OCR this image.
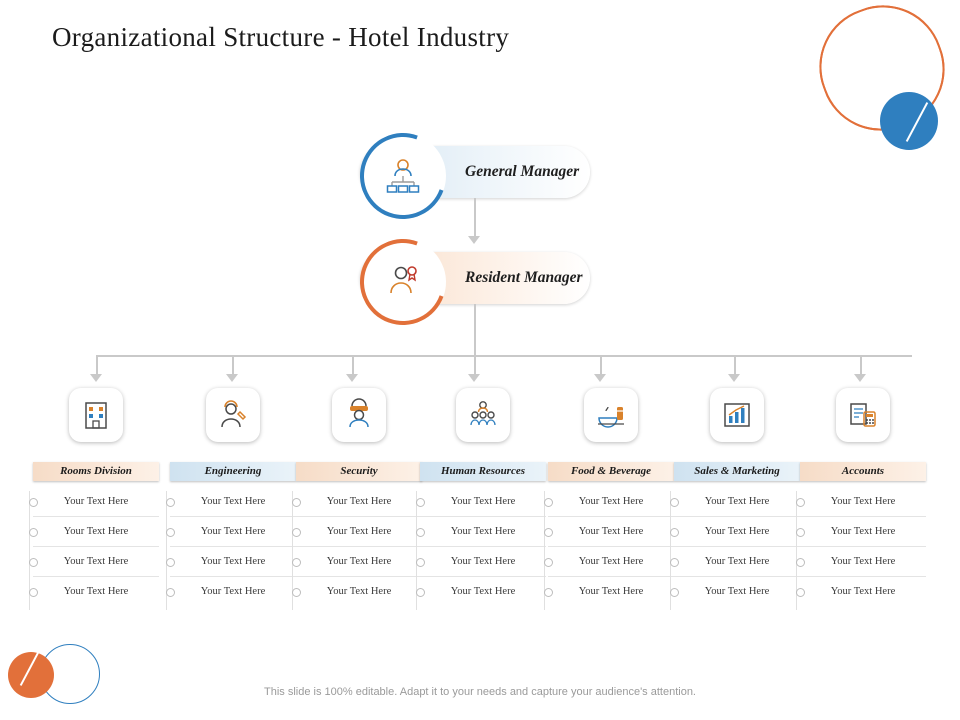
Organizational Structure - Hotel Industry
General Manager
Resident Manager
Rooms Division
Your Text Here
Your Text Here
Your Text Here
Your Text Here
Engineering
Your Text Here
Your Text Here
Your Text Here
Your Text Here
Security
Your Text Here
Your Text Here
Your Text Here
Your Text Here
Human Resources
Your Text Here
Your Text Here
Your Text Here
Your Text Here
Food & Beverage
Your Text Here
Your Text Here
Your Text Here
Your Text Here
Sales & Marketing
Your Text Here
Your Text Here
Your Text Here
Your Text Here
Accounts
Your Text Here
Your Text Here
Your Text Here
Your Text Here
This slide is 100% editable. Adapt it to your needs and capture your audience's attention.
